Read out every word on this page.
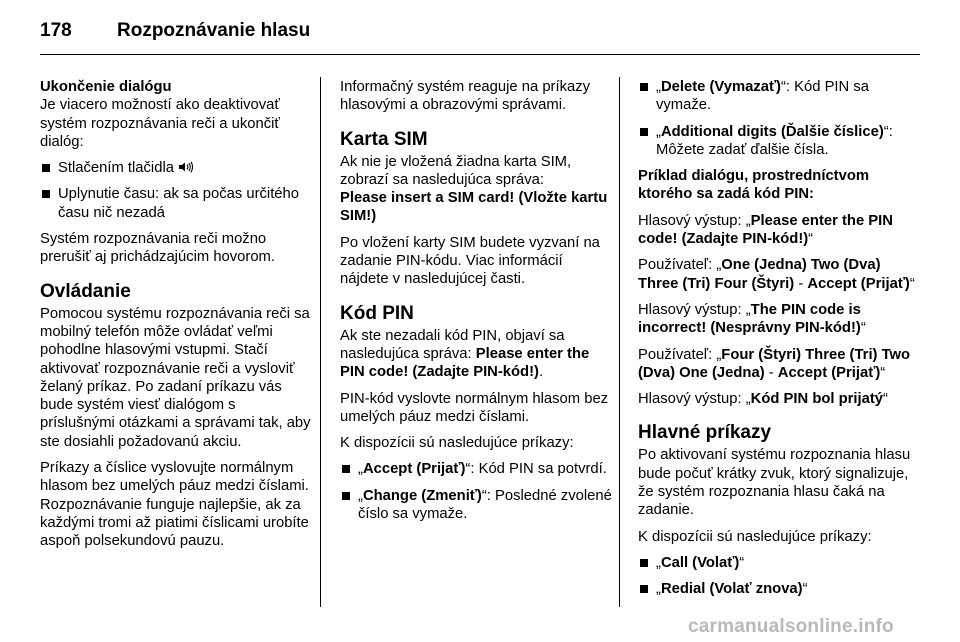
178 Rozpoznávanie hlasu
Ukončenie dialógu

Je viacero možností ako deaktivovať systém rozpoznávania reči a ukončiť dialóg:

Stlačením tlačidla
Uplynutie času: ak sa počas určitého času nič nezadá

Systém rozpoznávania reči možno prerušiť aj prichádzajúcim hovorom.

Ovládanie

Pomocou systému rozpoznávania reči sa mobilný telefón môže ovládať veľmi pohodlne hlasovými vstupmi. Stačí aktivovať rozpoznávanie reči a vysloviť želaný príkaz. Po zadaní príkazu vás bude systém viesť dialógom s príslušnými otázkami a správami tak, aby ste dosiahli požadovanú akciu.

Príkazy a číslice vyslovujte normálnym hlasom bez umelých páuz medzi číslami. Rozpoznávanie funguje najlepšie, ak za každými tromi až piatimi číslicami urobíte aspoň polsekundovú pauzu.

Informačný systém reaguje na príkazy hlasovými a obrazovými správami.

Karta SIM
Ak nie je vložená žiadna karta SIM, zobrazí sa nasledujúca správa:

Please insert a SIM card! (Vložte kartu SIM!)

Po vložení karty SIM budete vyzvaní na zadanie PIN-kódu. Viac informácií nájdete v nasledujúcej časti.

Kód PIN

Ak ste nezadali kód PIN, objaví sa nasledujúca správa: Please enter the PIN code! (Zadajte PIN-kód!).

PIN-kód vyslovte normálnym hlasom bez umelých páuz medzi číslami.

K dispozícii sú nasledujúce príkazy:

„Accept (Prijať)“: Kód PIN sa potvrdí.
„Change (Zmeniť)“: Posledné zvolené číslo sa vymaže.
„Delete (Vymazať)“: Kód PIN sa vymaže.
„Additional digits (Ďalšie číslice)“: Môžete zadať ďalšie čísla.

Príklad dialógu, prostredníctvom ktorého sa zadá kód PIN:

Hlasový výstup: „Please enter the PIN code! (Zadajte PIN-kód!)“

Používateľ: „One (Jedna) Two (Dva) Three (Tri) Four (Štyri) - Accept (Prijať)“

Hlasový výstup: „The PIN code is incorrect! (Nesprávny PIN-kód!)“

Používateľ: „Four (Štyri) Three (Tri) Two (Dva) One (Jedna) - Accept (Prijať)“

Hlasový výstup: „Kód PIN bol prijatý“

Hlavné príkazy

Po aktivovaní systému rozpoznania hlasu bude počuť krátky zvuk, ktorý signalizuje, že systém rozpoznania hlasu čaká na zadanie.

K dispozícii sú nasledujúce príkazy:

„Call (Volať)“
„Redial (Volať znova)“
carmanualsonline.info
